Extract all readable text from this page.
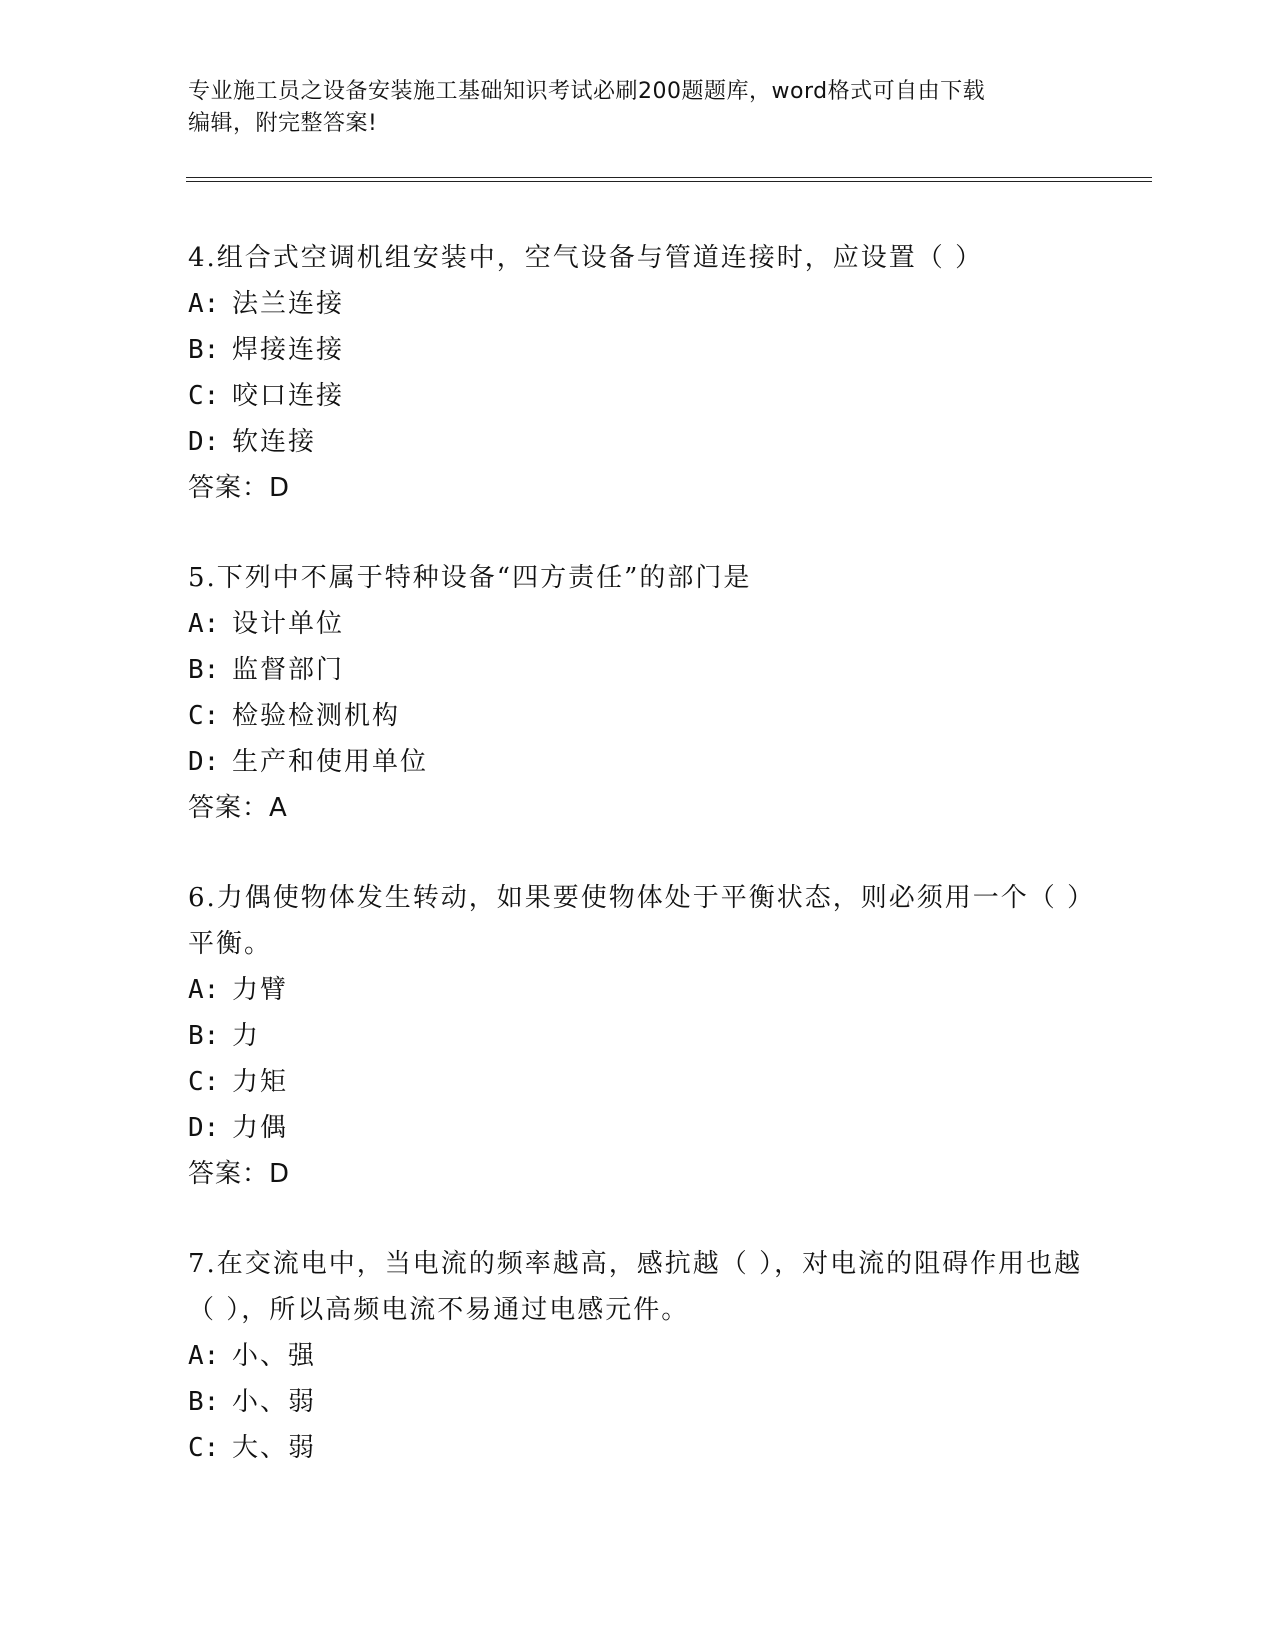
专业施工员之设备安装施工基础知识考试必刷200题题库，word格式可自由下载
编辑，附完整答案!

4.组合式空调机组安装中，空气设备与管道连接时，应设置（ ）

A: 法兰连接

B: 焊接连接

C: 咬口连接

D: 软连接

答案：D

5.下列中不属于特种设备“四方责任”的部门是

A: 设计单位

B: 监督部门

C: 检验检测机构

D: 生产和使用单位

答案：A

6.力偶使物体发生转动，如果要使物体处于平衡状态，则必须用一个（ ）平衡。

A: 力臂

B: 力

C: 力矩

D: 力偶

答案：D

7.在交流电中，当电流的频率越高，感抗越（ ），对电流的阻碍作用也越（ ），所以高频电流不易通过电感元件。

A: 小、强

B: 小、弱

C: 大、弱
